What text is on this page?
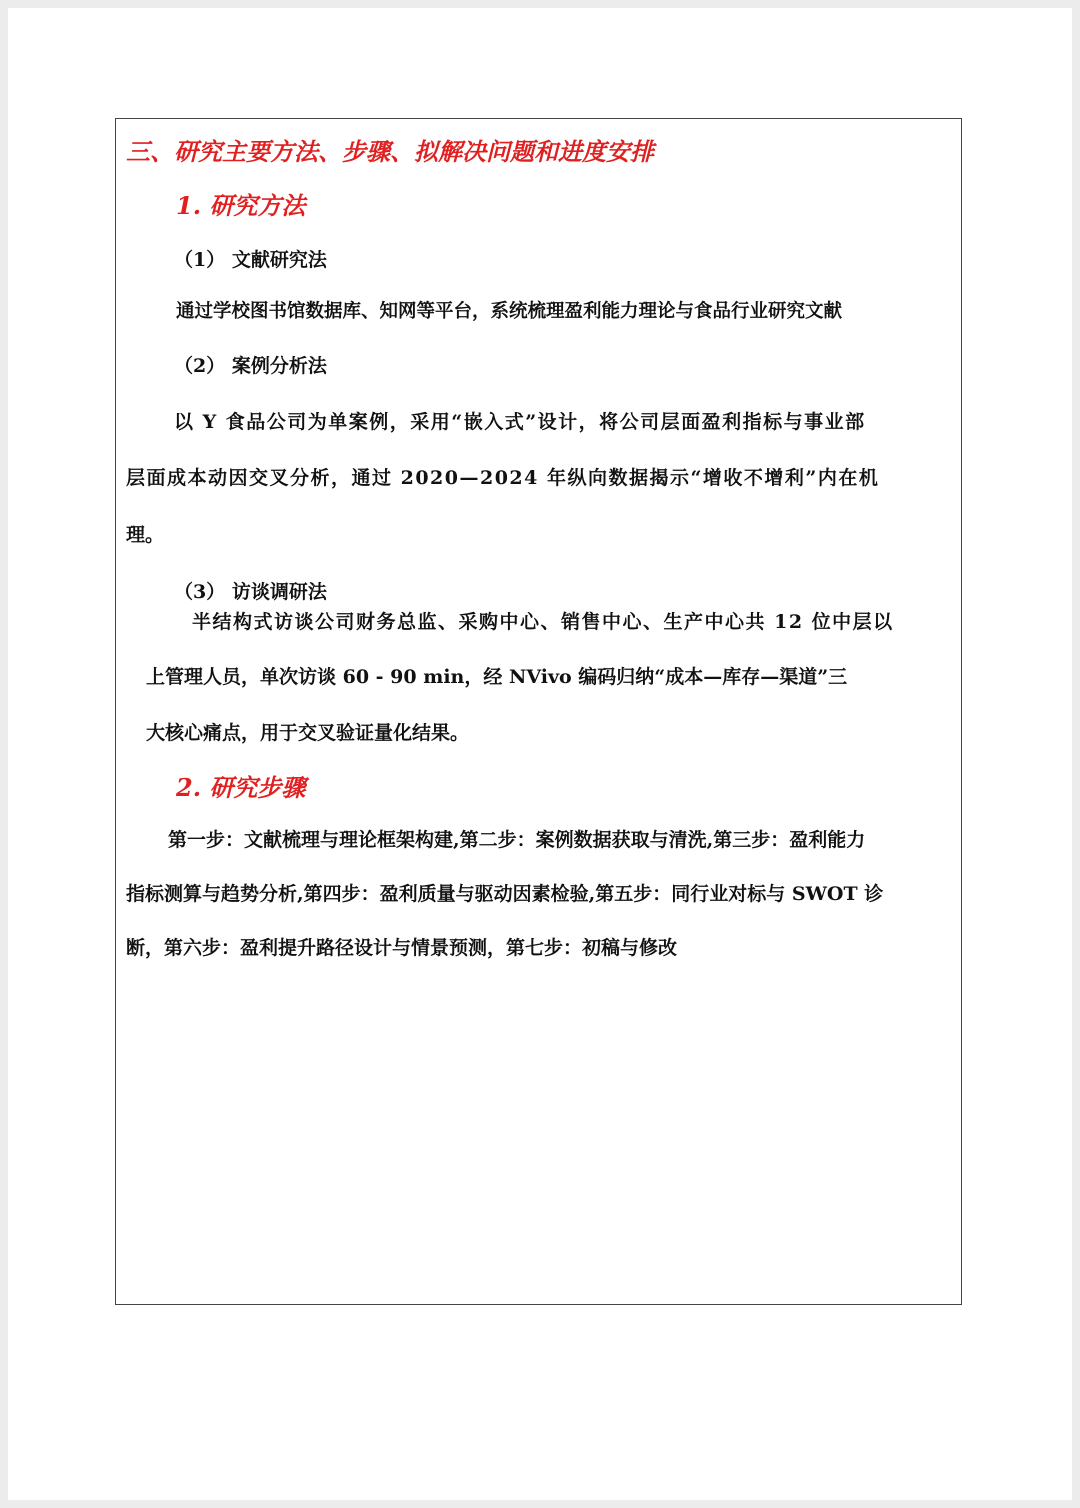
三、研究主要方法、步骤、拟解决问题和进度安排

1. 研究方法

（1） 文献研究法

通过学校图书馆数据库、知网等平台，系统梳理盈利能力理论与食品行业研究文献

（2） 案例分析法

以 Y 食品公司为单案例，采用“嵌入式”设计，将公司层面盈利指标与事业部

层面成本动因交叉分析，通过 2020—2024 年纵向数据揭示“增收不增利”内在机

理。

（3） 访谈调研法

半结构式访谈公司财务总监、采购中心、销售中心、生产中心共 12 位中层以

上管理人员，单次访谈 60 - 90 min，经 NVivo 编码归纳“成本—库存—渠道”三

大核心痛点，用于交叉验证量化结果。

2. 研究步骤

第一步：文献梳理与理论框架构建,第二步：案例数据获取与清洗,第三步：盈利能力

指标测算与趋势分析,第四步：盈利质量与驱动因素检验,第五步：同行业对标与 SWOT 诊

断，第六步：盈利提升路径设计与情景预测，第七步：初稿与修改
